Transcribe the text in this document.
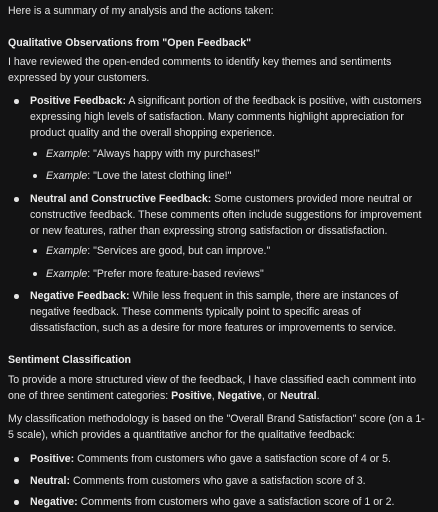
Here is a summary of my analysis and the actions taken:

Qualitative Observations from "Open Feedback"

I have reviewed the open-ended comments to identify key themes and sentiments expressed by your customers.

Positive Feedback: A significant portion of the feedback is positive, with customers expressing high levels of satisfaction. Many comments highlight appreciation for product quality and the overall shopping experience.

Example: "Always happy with my purchases!"

Example: "Love the latest clothing line!"

Neutral and Constructive Feedback: Some customers provided more neutral or constructive feedback. These comments often include suggestions for improvement or new features, rather than expressing strong satisfaction or dissatisfaction.

Example: "Services are good, but can improve."

Example: "Prefer more feature-based reviews"

Negative Feedback: While less frequent in this sample, there are instances of negative feedback. These comments typically point to specific areas of dissatisfaction, such as a desire for more features or improvements to service.

Sentiment Classification

To provide a more structured view of the feedback, I have classified each comment into one of three sentiment categories: Positive, Negative, or Neutral.

My classification methodology is based on the "Overall Brand Satisfaction" score (on a 1-5 scale), which provides a quantitative anchor for the qualitative feedback:

Positive: Comments from customers who gave a satisfaction score of 4 or 5.

Neutral: Comments from customers who gave a satisfaction score of 3.

Negative: Comments from customers who gave a satisfaction score of 1 or 2.
